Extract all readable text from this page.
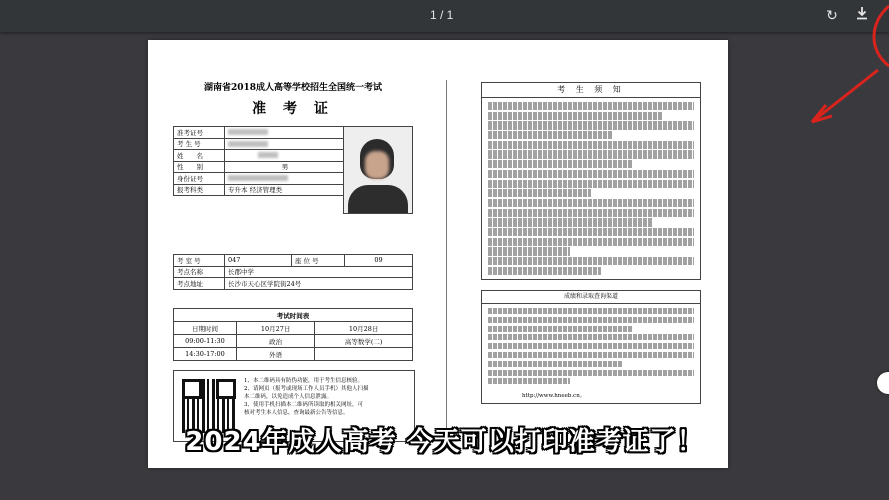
1 / 1	↻
湖南省2018成人高等学校招生全国统一考试
准 考 证
准考证号		
考 生 号		
姓　　名		
性　　别	男	
身份证号		
报考科类	专升本 经济管理类	
考 室 号	047	座 位 号	09
考点名称	长郡中学		
考点地址	长沙市天心区学院街24号		
考试时间表		
日期时间	10月27日	10月28日
09:00-11:30	政治	高等数学(二)
14:30-17:00	外语	
1、本二维码具有防伪功能，用于考生信息核验。
2、请网页（报考或现场工作人员手机）其他人扫描
本二维码，以免造成个人信息泄露。
3、使用手机扫描本二维码所读取的相关网址，可
核对考生本人信息，查询最新公告等信息。
考 生 须 知
成绩和录取查询渠道
http://www.hneeb.cn。
2024年成人高考 今天可以打印准考证了！
